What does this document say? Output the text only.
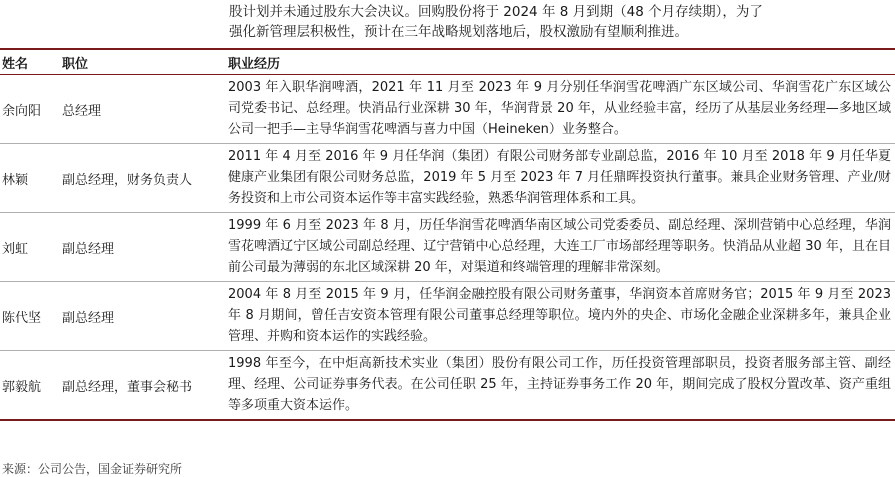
股计划并未通过股东大会决议。回购股份将于 2024 年 8 月到期（48 个月存续期），为了

强化新管理层积极性，预计在三年战略规划落地后，股权激励有望顺利推进。

姓名	职位	职业经历
余向阳	总经理	2003 年入职华润啤酒，2021 年 11 月至 2023 年 9 月分别任华润雪花啤酒广东区域公司、华润雪花广东区域公司党委书记、总经理。快消品行业深耕 30 年，华润背景 20 年，从业经验丰富，经历了从基层业务经理—多地区域公司一把手—主导华润雪花啤酒与喜力中国（Heineken）业务整合。
林颖	副总经理，财务负责人	2011 年 4 月至 2016 年 9 月任华润（集团）有限公司财务部专业副总监，2016 年 10 月至 2018 年 9 月任华夏健康产业集团有限公司财务总监，2019 年 5 月至 2023 年 7 月任鼎晖投资执行董事。兼具企业财务管理、产业/财务投资和上市公司资本运作等丰富实践经验，熟悉华润管理体系和工具。
刘虹	副总经理	1999 年 6 月至 2023 年 8 月，历任华润雪花啤酒华南区域公司党委委员、副总经理、深圳营销中心总经理，华润雪花啤酒辽宁区域公司副总经理、辽宁营销中心总经理，大连工厂市场部经理等职务。快消品从业超 30 年，且在目前公司最为薄弱的东北区域深耕 20 年，对渠道和终端管理的理解非常深刻。
陈代坚	副总经理	2004 年 8 月至 2015 年 9 月，任华润金融控股有限公司财务董事，华润资本首席财务官；2015 年 9 月至 2023 年 8 月期间，曾任吉安资本管理有限公司董事总经理等职位。境内外的央企、市场化金融企业深耕多年，兼具企业管理、并购和资本运作的实践经验。
郭毅航	副总经理，董事会秘书	1998 年至今，在中炬高新技术实业（集团）股份有限公司工作，历任投资管理部职员，投资者服务部主管、副经理、经理、公司证券事务代表。在公司任职 25 年，主持证券事务工作 20 年，期间完成了股权分置改革、资产重组等多项重大资本运作。
来源：公司公告，国金证券研究所
